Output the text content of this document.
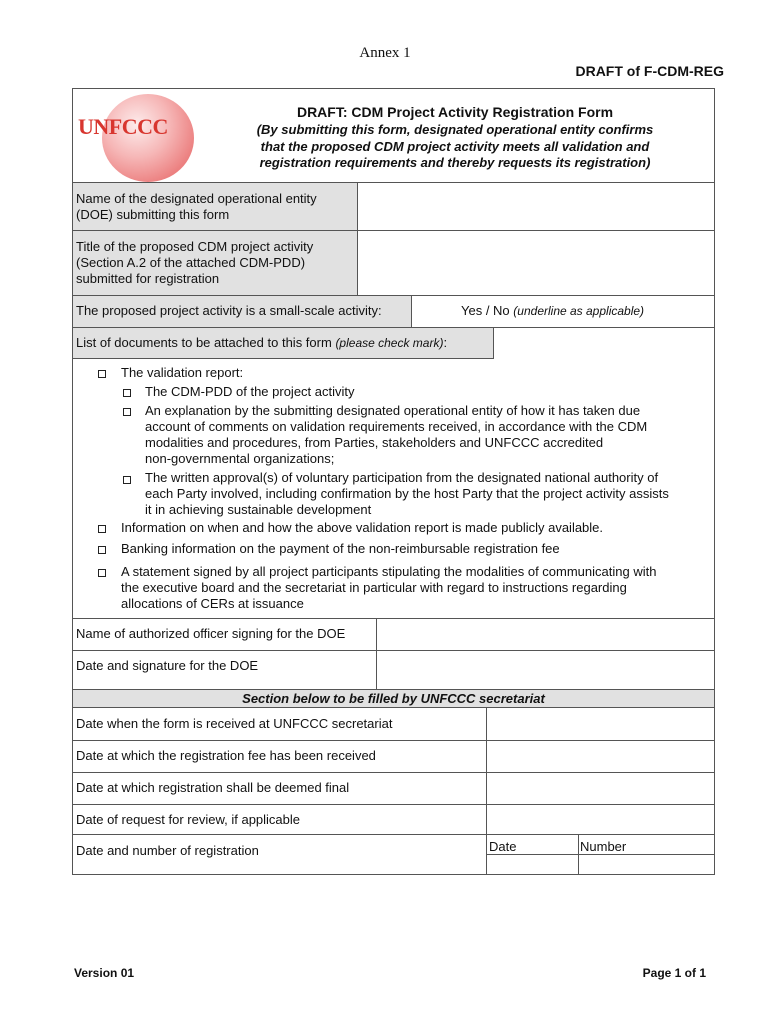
Annex 1
DRAFT of F-CDM-REG
UNFCCC
DRAFT: CDM Project Activity Registration Form
(By submitting this form, designated operational entity confirms
that the proposed CDM project activity meets all validation and
registration requirements and thereby requests its registration)
Name of the designated operational entity
(DOE) submitting this form
Title of the proposed CDM project activity
(Section A.2 of the attached CDM-PDD)
submitted for registration
The proposed project activity is a small-scale activity:	Yes / No (underline as applicable)
List of documents to be attached to this form (please check mark):
The validation report:
The CDM-PDD of the project activity
An explanation by the submitting designated operational entity of how it has taken due
account of comments on validation requirements received, in accordance with the CDM
modalities and procedures, from Parties, stakeholders and UNFCCC accredited
non-governmental organizations;
The written approval(s) of voluntary participation from the designated national authority of
each Party involved, including confirmation by the host Party that the project activity assists
it in achieving sustainable development
Information on when and how the above validation report is made publicly available.
Banking information on the payment of the non-reimbursable registration fee
A statement signed by all project participants stipulating the modalities of communicating with
the executive board and the secretariat in particular with regard to instructions regarding
allocations of CERs at issuance
Name of authorized officer signing for the DOE
Date and signature for the DOE
Section below to be filled by UNFCCC secretariat
Date when the form is received at UNFCCC secretariat
Date at which the registration fee has been received
Date at which registration shall be deemed final
Date of request for review, if applicable
Date and number of registration	Date	Number
Version 01	Page 1 of 1
